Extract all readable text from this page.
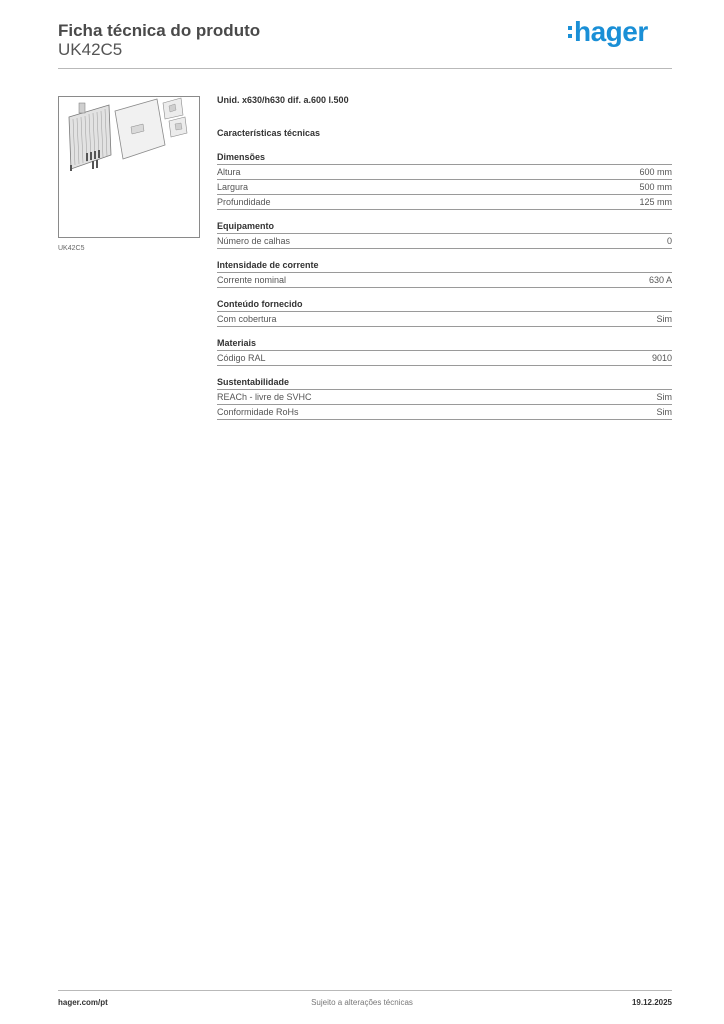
Ficha técnica do produto
UK42C5
hager
UK42C5
Unid. x630/h630 dif. a.600 l.500
Características técnicas
Dimensões
Altura	600 mm
Largura	500 mm
Profundidade	125 mm
Equipamento
Número de calhas	0
Intensidade de corrente
Corrente nominal	630 A
Conteúdo fornecido
Com cobertura	Sim
Materiais
Código RAL	9010
Sustentabilidade
REACh - livre de SVHC	Sim
Conformidade RoHs	Sim
hager.com/pt	Sujeito a alterações técnicas	19.12.2025
